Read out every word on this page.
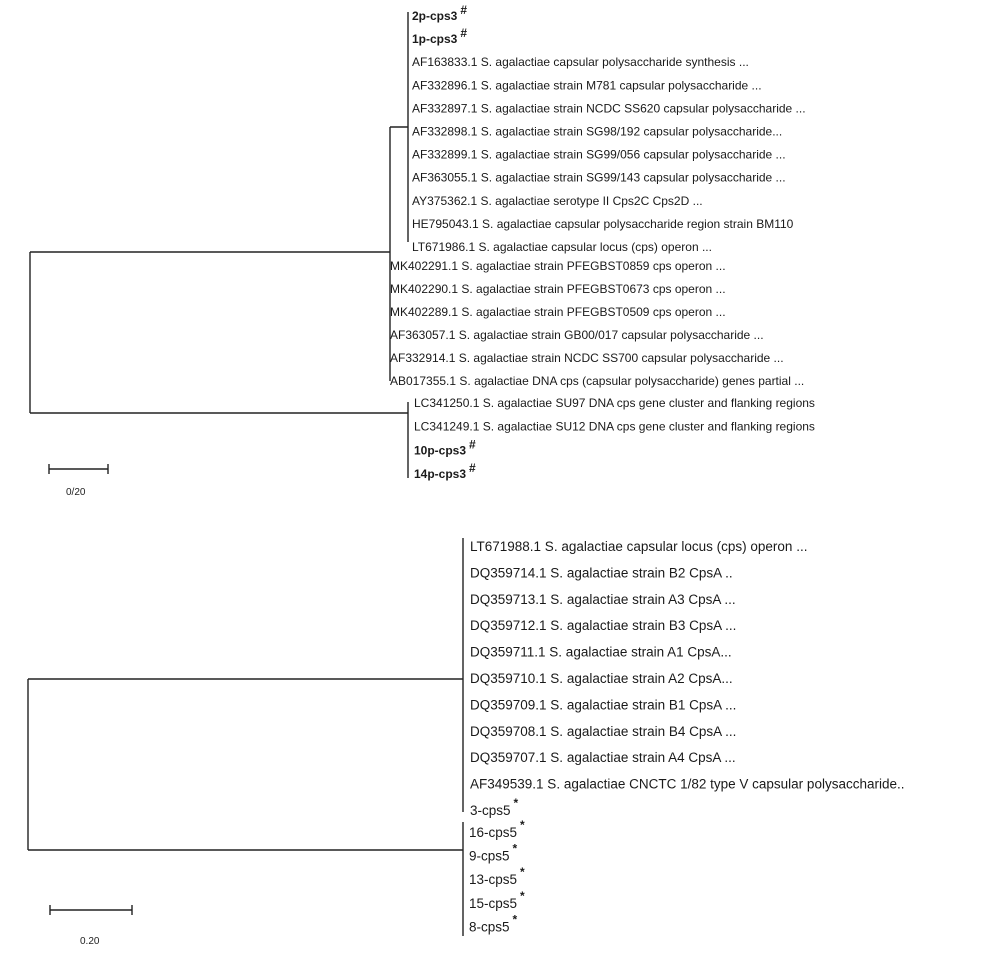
2p-cps3 #
1p-cps3 #
AF163833.1 S. agalactiae capsular polysaccharide synthesis ...
AF332896.1 S. agalactiae strain M781 capsular polysaccharide ...
AF332897.1 S. agalactiae strain NCDC SS620 capsular polysaccharide ...
AF332898.1 S. agalactiae strain SG98/192 capsular polysaccharide...
AF332899.1 S. agalactiae strain SG99/056 capsular polysaccharide ...
AF363055.1 S. agalactiae strain SG99/143 capsular polysaccharide ...
AY375362.1 S. agalactiae serotype II Cps2C Cps2D ...
HE795043.1 S. agalactiae capsular polysaccharide region strain BM110
LT671986.1 S. agalactiae capsular locus (cps) operon ...
MK402291.1 S. agalactiae strain PFEGBST0859 cps operon ...
MK402290.1 S. agalactiae strain PFEGBST0673 cps operon ...
MK402289.1 S. agalactiae strain PFEGBST0509 cps operon ...
AF363057.1 S. agalactiae strain GB00/017 capsular polysaccharide ...
AF332914.1 S. agalactiae strain NCDC SS700 capsular polysaccharide ...
AB017355.1 S. agalactiae DNA cps (capsular polysaccharide) genes partial ...
LC341250.1 S. agalactiae SU97 DNA cps gene cluster and flanking regions
LC341249.1 S. agalactiae SU12 DNA cps gene cluster and flanking regions
10p-cps3 #
14p-cps3 #
0/20
LT671988.1 S. agalactiae capsular locus (cps) operon ...
DQ359714.1 S. agalactiae strain B2 CpsA ..
DQ359713.1 S. agalactiae strain A3 CpsA ...
DQ359712.1 S. agalactiae strain B3 CpsA ...
DQ359711.1 S. agalactiae strain A1 CpsA...
DQ359710.1 S. agalactiae strain A2 CpsA...
DQ359709.1 S. agalactiae strain B1 CpsA ...
DQ359708.1 S. agalactiae strain B4 CpsA ...
DQ359707.1 S. agalactiae strain A4 CpsA ...
AF349539.1 S. agalactiae CNCTC 1/82 type V capsular polysaccharide..
3-cps5 *
16-cps5 *
9-cps5 *
13-cps5 *
15-cps5 *
8-cps5 *
0.20
